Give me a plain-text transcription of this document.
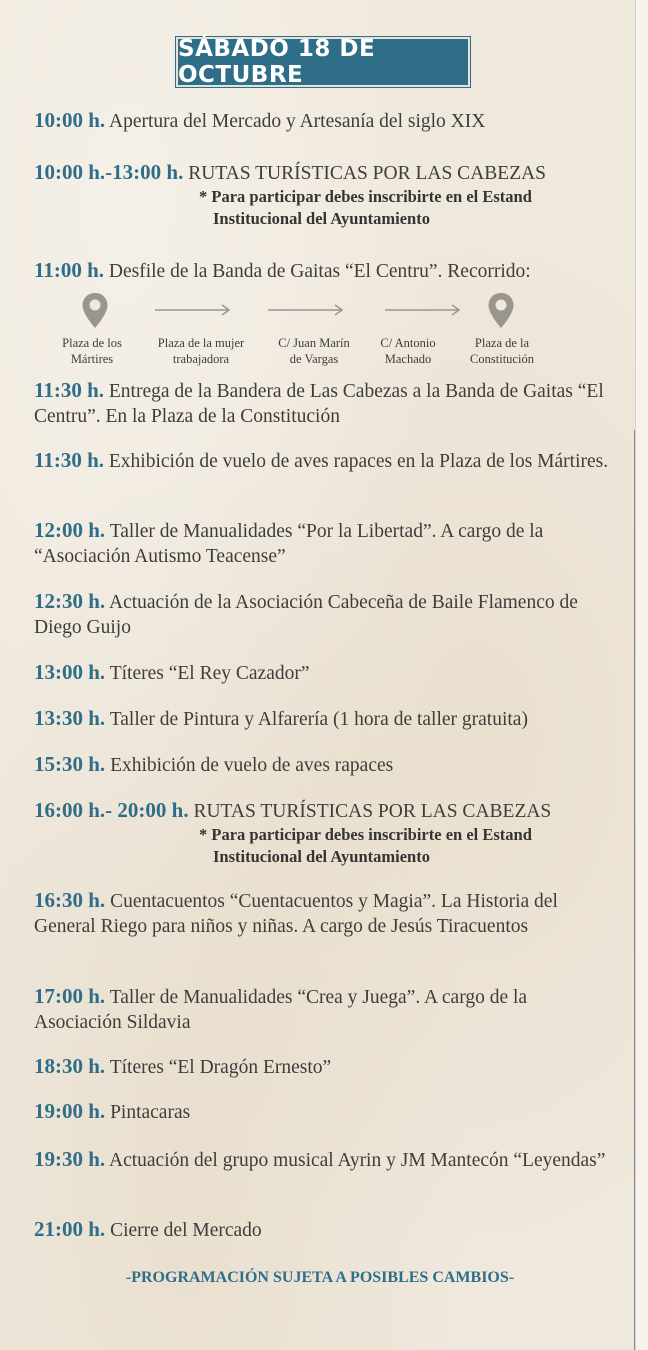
SÁBADO 18 DE OCTUBRE
10:00 h. Apertura del Mercado y Artesanía del siglo XIX
10:00 h.-13:00 h. RUTAS TURÍSTICAS POR LAS CABEZAS
* Para participar debes inscribirte en el Estand
Institucional del Ayuntamiento
11:00 h. Desfile de la Banda de Gaitas “El Centru”. Recorrido:
Plaza de los
Mártires
Plaza de la mujer
trabajadora
C/ Juan Marín
de Vargas
C/ Antonio
Machado
Plaza de la
Constitución
11:30 h. Entrega de la Bandera de Las Cabezas a la Banda de Gaitas “El Centru”. En la Plaza de la Constitución
11:30 h. Exhibición de vuelo de aves rapaces en la Plaza de los Mártires.
12:00 h. Taller de Manualidades “Por la Libertad”. A cargo de la “Asociación Autismo Teacense”
12:30 h. Actuación de la Asociación Cabeceña de Baile Flamenco de Diego Guijo
13:00 h. Títeres “El Rey Cazador”
13:30 h. Taller de Pintura y Alfarería (1 hora de taller gratuita)
15:30 h. Exhibición de vuelo de aves rapaces
16:00 h.- 20:00 h. RUTAS TURÍSTICAS POR LAS CABEZAS
* Para participar debes inscribirte en el Estand
Institucional del Ayuntamiento
16:30 h. Cuentacuentos “Cuentacuentos y Magia”. La Historia del General Riego para niños y niñas. A cargo de Jesús Tiracuentos
17:00 h. Taller de Manualidades “Crea y Juega”. A cargo de la Asociación Sildavia
18:30 h. Títeres “El Dragón Ernesto”
19:00 h. Pintacaras
19:30 h. Actuación del grupo musical Ayrin y JM Mantecón “Leyendas”
21:00 h. Cierre del Mercado
-PROGRAMACIÓN SUJETA A POSIBLES CAMBIOS-
